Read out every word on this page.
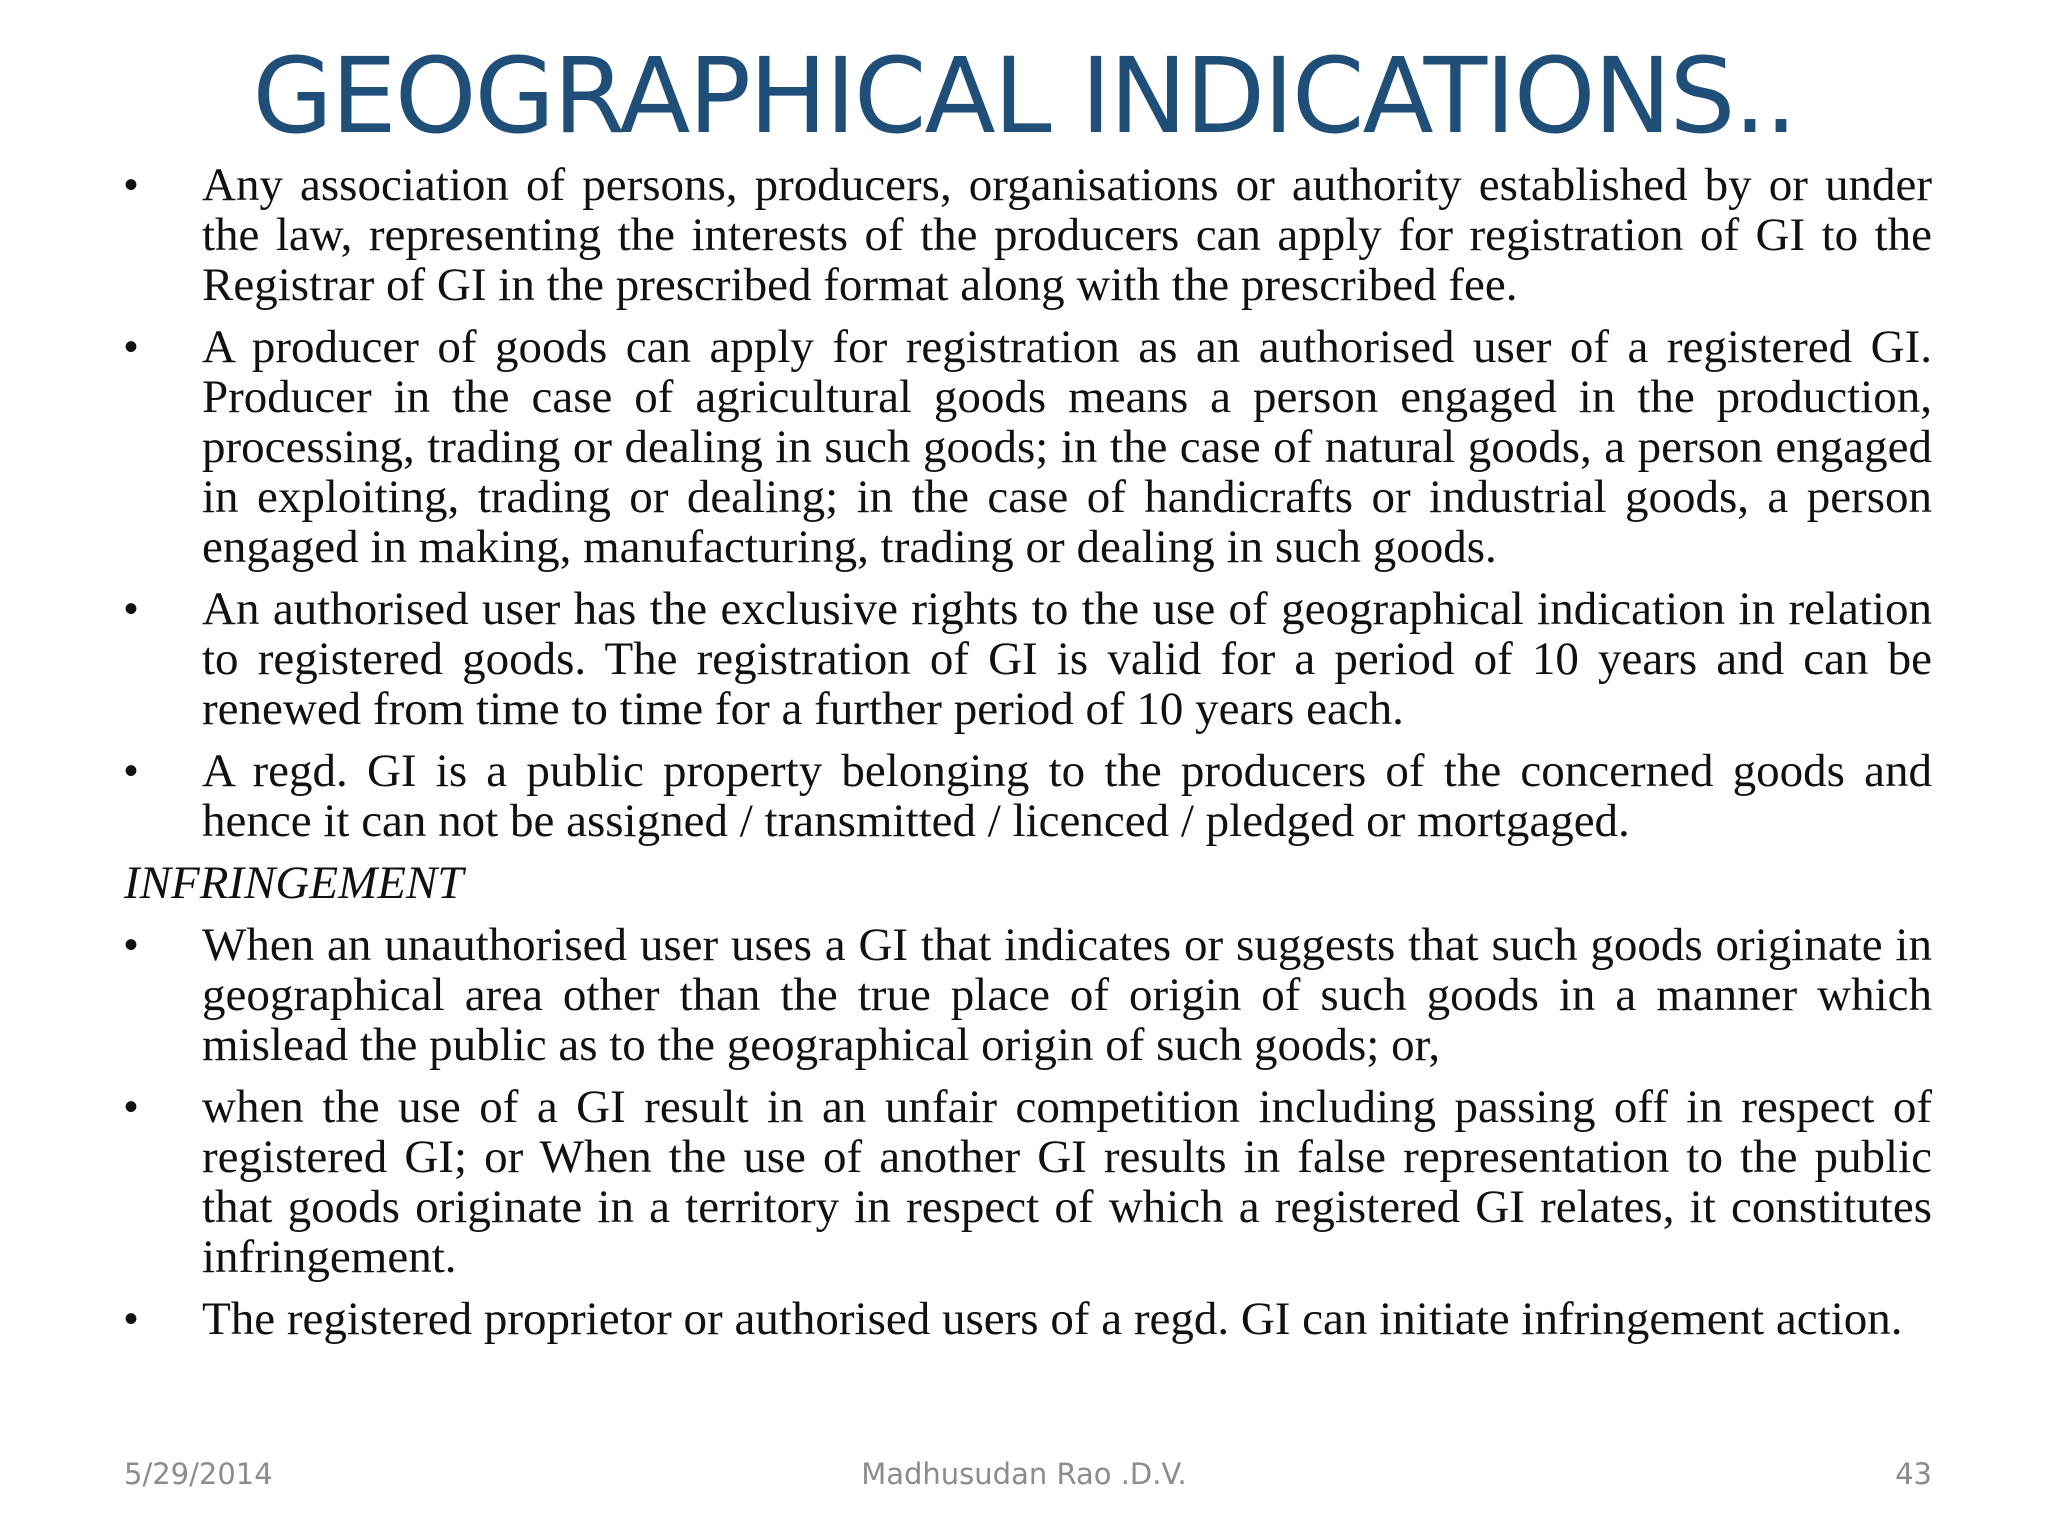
GEOGRAPHICAL INDICATIONS..
•	Any association of persons, producers, organisations or authority established by or under the law, representing the interests of the producers can apply for registration of GI to the Registrar of GI in the prescribed format along with the prescribed fee.
•	A producer of goods can apply for registration as an authorised user of a registered GI. Producer in the case of agricultural goods means a person engaged in the production, processing, trading or dealing in such goods; in the case of natural goods, a person engaged in exploiting, trading or dealing; in the case of handicrafts or industrial goods, a person engaged in making, manufacturing, trading or dealing in such goods.
•	An authorised user has the exclusive rights to the use of geographical indication in relation to registered goods. The registration of GI is valid for a period of 10 years and can be renewed from time to time for a further period of 10 years each.
•	A regd. GI is a public property belonging to the producers of the concerned goods and hence it can not be assigned / transmitted / licenced / pledged or mortgaged.
INFRINGEMENT
•	When an unauthorised user uses a GI that indicates or suggests that such goods originate in geographical area other than the true place of origin of such goods in a manner which mislead the public as to the geographical origin of such goods; or,
•	when the use of a GI result in an unfair competition including passing off in respect of registered GI; or When the use of another GI results in false representation to the public that goods originate in a territory in respect of which a registered GI relates, it constitutes infringement.
•	The registered proprietor or authorised users of a regd. GI can initiate infringement action.
5/29/2014	Madhusudan Rao .D.V.	43
